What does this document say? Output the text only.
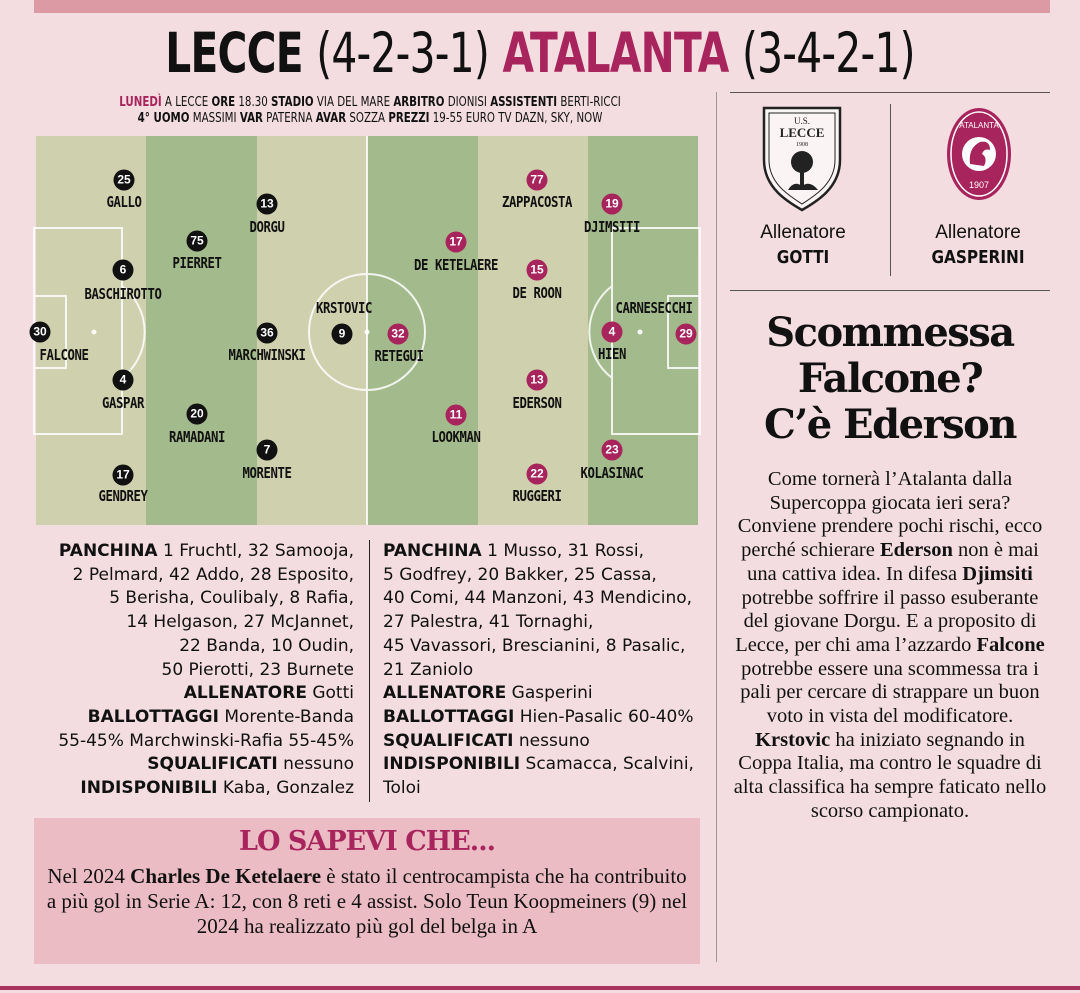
LECCE (4-2-3-1) ATALANTA (3-4-2-1)
LUNEDÌ A LECCE ORE 18.30 STADIO VIA DEL MARE ARBITRO DIONISI ASSISTENTI BERTI-RICCI
4° UOMO MASSIMI VAR PATERNA AVAR SOZZA PREZZI 19-55 EURO TV DAZN, SKY, NOW
30
FALCONE
25
GALLO
6
BASCHIROTTO
4
GASPAR
17
GENDREY
75
PIERRET
20
RAMADANI
13
DORGU
36
MARCHWINSKI
7
MORENTE
9
KRSTOVIC
32
RETEGUI
17
DE KETELAERE
11
LOOKMAN
77
ZAPPACOSTA
15
DE ROON
13
EDERSON
22
RUGGERI
19
DJIMSITI
4
HIEN
23
KOLASINAC
29
CARNESECCHI
PANCHINA 1 Fruchtl, 32 Samooja,
2 Pelmard, 42 Addo, 28 Esposito,
5 Berisha, Coulibaly, 8 Rafia,
14 Helgason, 27 McJannet,
22 Banda, 10 Oudin,
50 Pierotti, 23 Burnete
ALLENATORE Gotti
BALLOTTAGGI Morente-Banda
55-45% Marchwinski-Rafia 55-45%
SQUALIFICATI nessuno
INDISPONIBILI Kaba, Gonzalez
PANCHINA 1 Musso, 31 Rossi,
5 Godfrey, 20 Bakker, 25 Cassa,
40 Comi, 44 Manzoni, 43 Mendicino,
27 Palestra, 41 Tornaghi,
45 Vavassori, Brescianini, 8 Pasalic,
21 Zaniolo
ALLENATORE Gasperini
BALLOTTAGGI Hien-Pasalic 60-40%
SQUALIFICATI nessuno
INDISPONIBILI Scamacca, Scalvini,
Toloi
LO SAPEVI CHE...
Nel 2024 Charles De Ketelaere è stato il centrocampista che ha contribuito a più gol in Serie A: 12, con 8 reti e 4 assist. Solo Teun Koopmeiners (9) nel 2024 ha realizzato più gol del belga in A
U.S.
LECCE
1908
ATALANTA
1907
Allenatore
GOTTI
Allenatore
GASPERINI
Scommessa
Falcone?
C’è Ederson
Come tornerà l’Atalanta dalla Supercoppa giocata ieri sera? Conviene prendere pochi rischi, ecco perché schierare Ederson non è mai una cattiva idea. In difesa Djimsiti potrebbe soffrire il passo esuberante del giovane Dorgu. E a proposito di Lecce, per chi ama l’azzardo Falcone potrebbe essere una scommessa tra i pali per cercare di strappare un buon voto in vista del modificatore. Krstovic ha iniziato segnando in Coppa Italia, ma contro le squadre di alta classifica ha sempre faticato nello scorso campionato.
